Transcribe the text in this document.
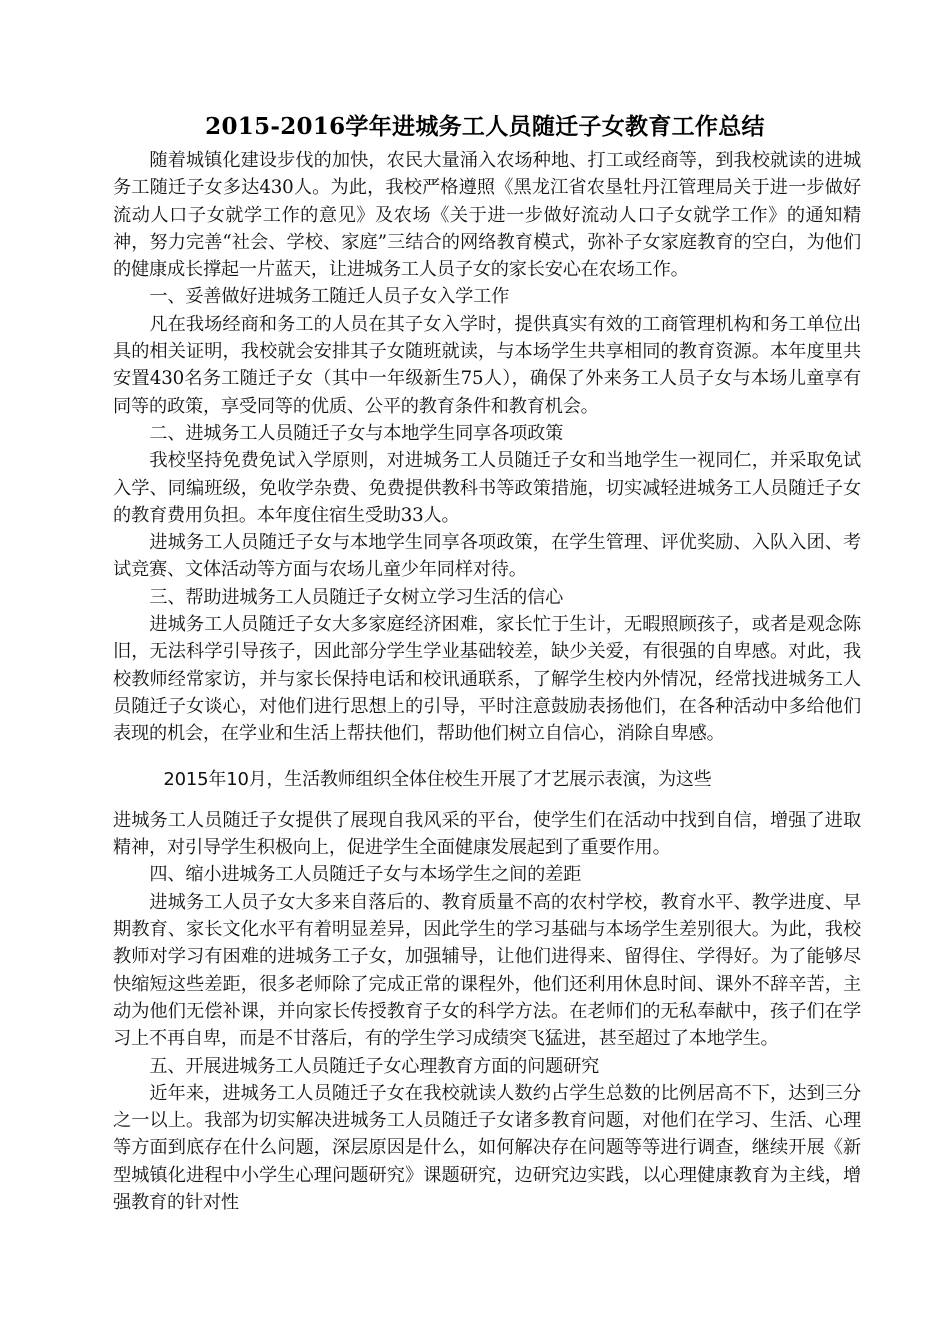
2015-2016学年进城务工人员随迁子女教育工作总结

随着城镇化建设步伐的加快，农民大量涌入农场种地、打工或经商等，到我校就读的进城务工随迁子女多达430人。为此，我校严格遵照《黑龙江省农垦牡丹江管理局关于进一步做好流动人口子女就学工作的意见》及农场《关于进一步做好流动人口子女就学工作》的通知精神，努力完善“社会、学校、家庭”三结合的网络教育模式，弥补子女家庭教育的空白，为他们的健康成长撑起一片蓝天，让进城务工人员子女的家长安心在农场工作。

一、妥善做好进城务工随迁人员子女入学工作

凡在我场经商和务工的人员在其子女入学时，提供真实有效的工商管理机构和务工单位出具的相关证明，我校就会安排其子女随班就读，与本场学生共享相同的教育资源。本年度里共安置430名务工随迁子女（其中一年级新生75人），确保了外来务工人员子女与本场儿童享有同等的政策，享受同等的优质、公平的教育条件和教育机会。

二、进城务工人员随迁子女与本地学生同享各项政策

我校坚持免费免试入学原则，对进城务工人员随迁子女和当地学生一视同仁，并采取免试入学、同编班级，免收学杂费、免费提供教科书等政策措施，切实减轻进城务工人员随迁子女的教育费用负担。本年度住宿生受助33人。

进城务工人员随迁子女与本地学生同享各项政策，在学生管理、评优奖励、入队入团、考试竞赛、文体活动等方面与农场儿童少年同样对待。

三、帮助进城务工人员随迁子女树立学习生活的信心

进城务工人员随迁子女大多家庭经济困难，家长忙于生计，无暇照顾孩子，或者是观念陈旧，无法科学引导孩子，因此部分学生学业基础较差，缺少关爱，有很强的自卑感。对此，我校教师经常家访，并与家长保持电话和校讯通联系，了解学生校内外情况，经常找进城务工人员随迁子女谈心，对他们进行思想上的引导，平时注意鼓励表扬他们，在各种活动中多给他们表现的机会，在学业和生活上帮扶他们，帮助他们树立自信心，消除自卑感。

2015年10月，生活教师组织全体住校生开展了才艺展示表演，为这些

进城务工人员随迁子女提供了展现自我风采的平台，使学生们在活动中找到自信，增强了进取精神，对引导学生积极向上，促进学生全面健康发展起到了重要作用。

四、缩小进城务工人员随迁子女与本场学生之间的差距

进城务工人员子女大多来自落后的、教育质量不高的农村学校，教育水平、教学进度、早期教育、家长文化水平有着明显差异，因此学生的学习基础与本场学生差别很大。为此，我校教师对学习有困难的进城务工子女，加强辅导，让他们进得来、留得住、学得好。为了能够尽快缩短这些差距，很多老师除了完成正常的课程外，他们还利用休息时间、课外不辞辛苦，主动为他们无偿补课，并向家长传授教育子女的科学方法。在老师们的无私奉献中，孩子们在学习上不再自卑，而是不甘落后，有的学生学习成绩突飞猛进，甚至超过了本地学生。

五、开展进城务工人员随迁子女心理教育方面的问题研究

近年来，进城务工人员随迁子女在我校就读人数约占学生总数的比例居高不下，达到三分之一以上。我部为切实解决进城务工人员随迁子女诸多教育问题，对他们在学习、生活、心理等方面到底存在什么问题，深层原因是什么，如何解决存在问题等等进行调查，继续开展《新型城镇化进程中小学生心理问题研究》课题研究，边研究边实践，以心理健康教育为主线，增强教育的针对性
